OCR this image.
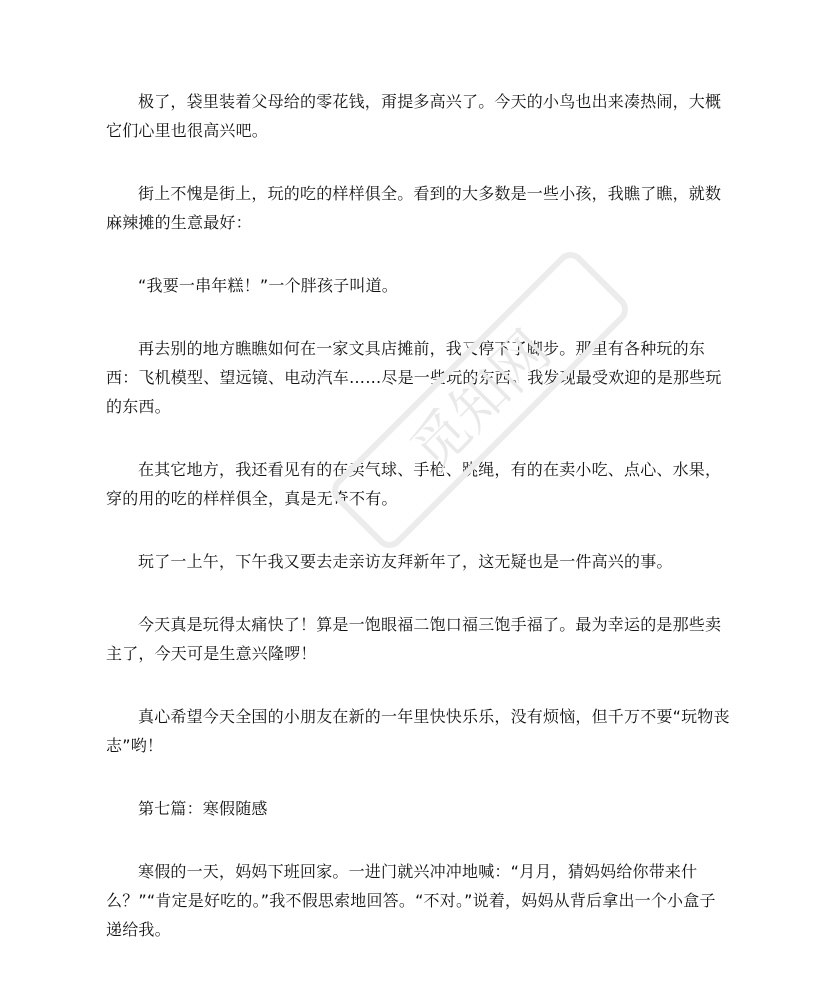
极了，袋里装着父母给的零花钱，甭提多高兴了。今天的小鸟也出来凑热闹，大概它们心里也很高兴吧。

街上不愧是街上，玩的吃的样样俱全。看到的大多数是一些小孩，我瞧了瞧，就数麻辣摊的生意最好：

“我要一串年糕！”一个胖孩子叫道。

再去别的地方瞧瞧如何在一家文具店摊前，我又停下了脚步。那里有各种玩的东西：飞机模型、望远镜、电动汽车……尽是一些玩的东西。我发现最受欢迎的是那些玩的东西。

在其它地方，我还看见有的在卖气球、手枪、跳绳，有的在卖小吃、点心、水果，穿的用的吃的样样俱全，真是无奇不有。

玩了一上午，下午我又要去走亲访友拜新年了，这无疑也是一件高兴的事。

今天真是玩得太痛快了！算是一饱眼福二饱口福三饱手福了。最为幸运的是那些卖主了，今天可是生意兴隆啰！

真心希望今天全国的小朋友在新的一年里快快乐乐，没有烦恼，但千万不要“玩物丧志”哟！

第七篇：寒假随感

寒假的一天，妈妈下班回家。一进门就兴冲冲地喊：“月月，猜妈妈给你带来什么？”“肯定是好吃的。”我不假思索地回答。“不对。”说着，妈妈从背后拿出一个小盒子递给我。

觅知网
